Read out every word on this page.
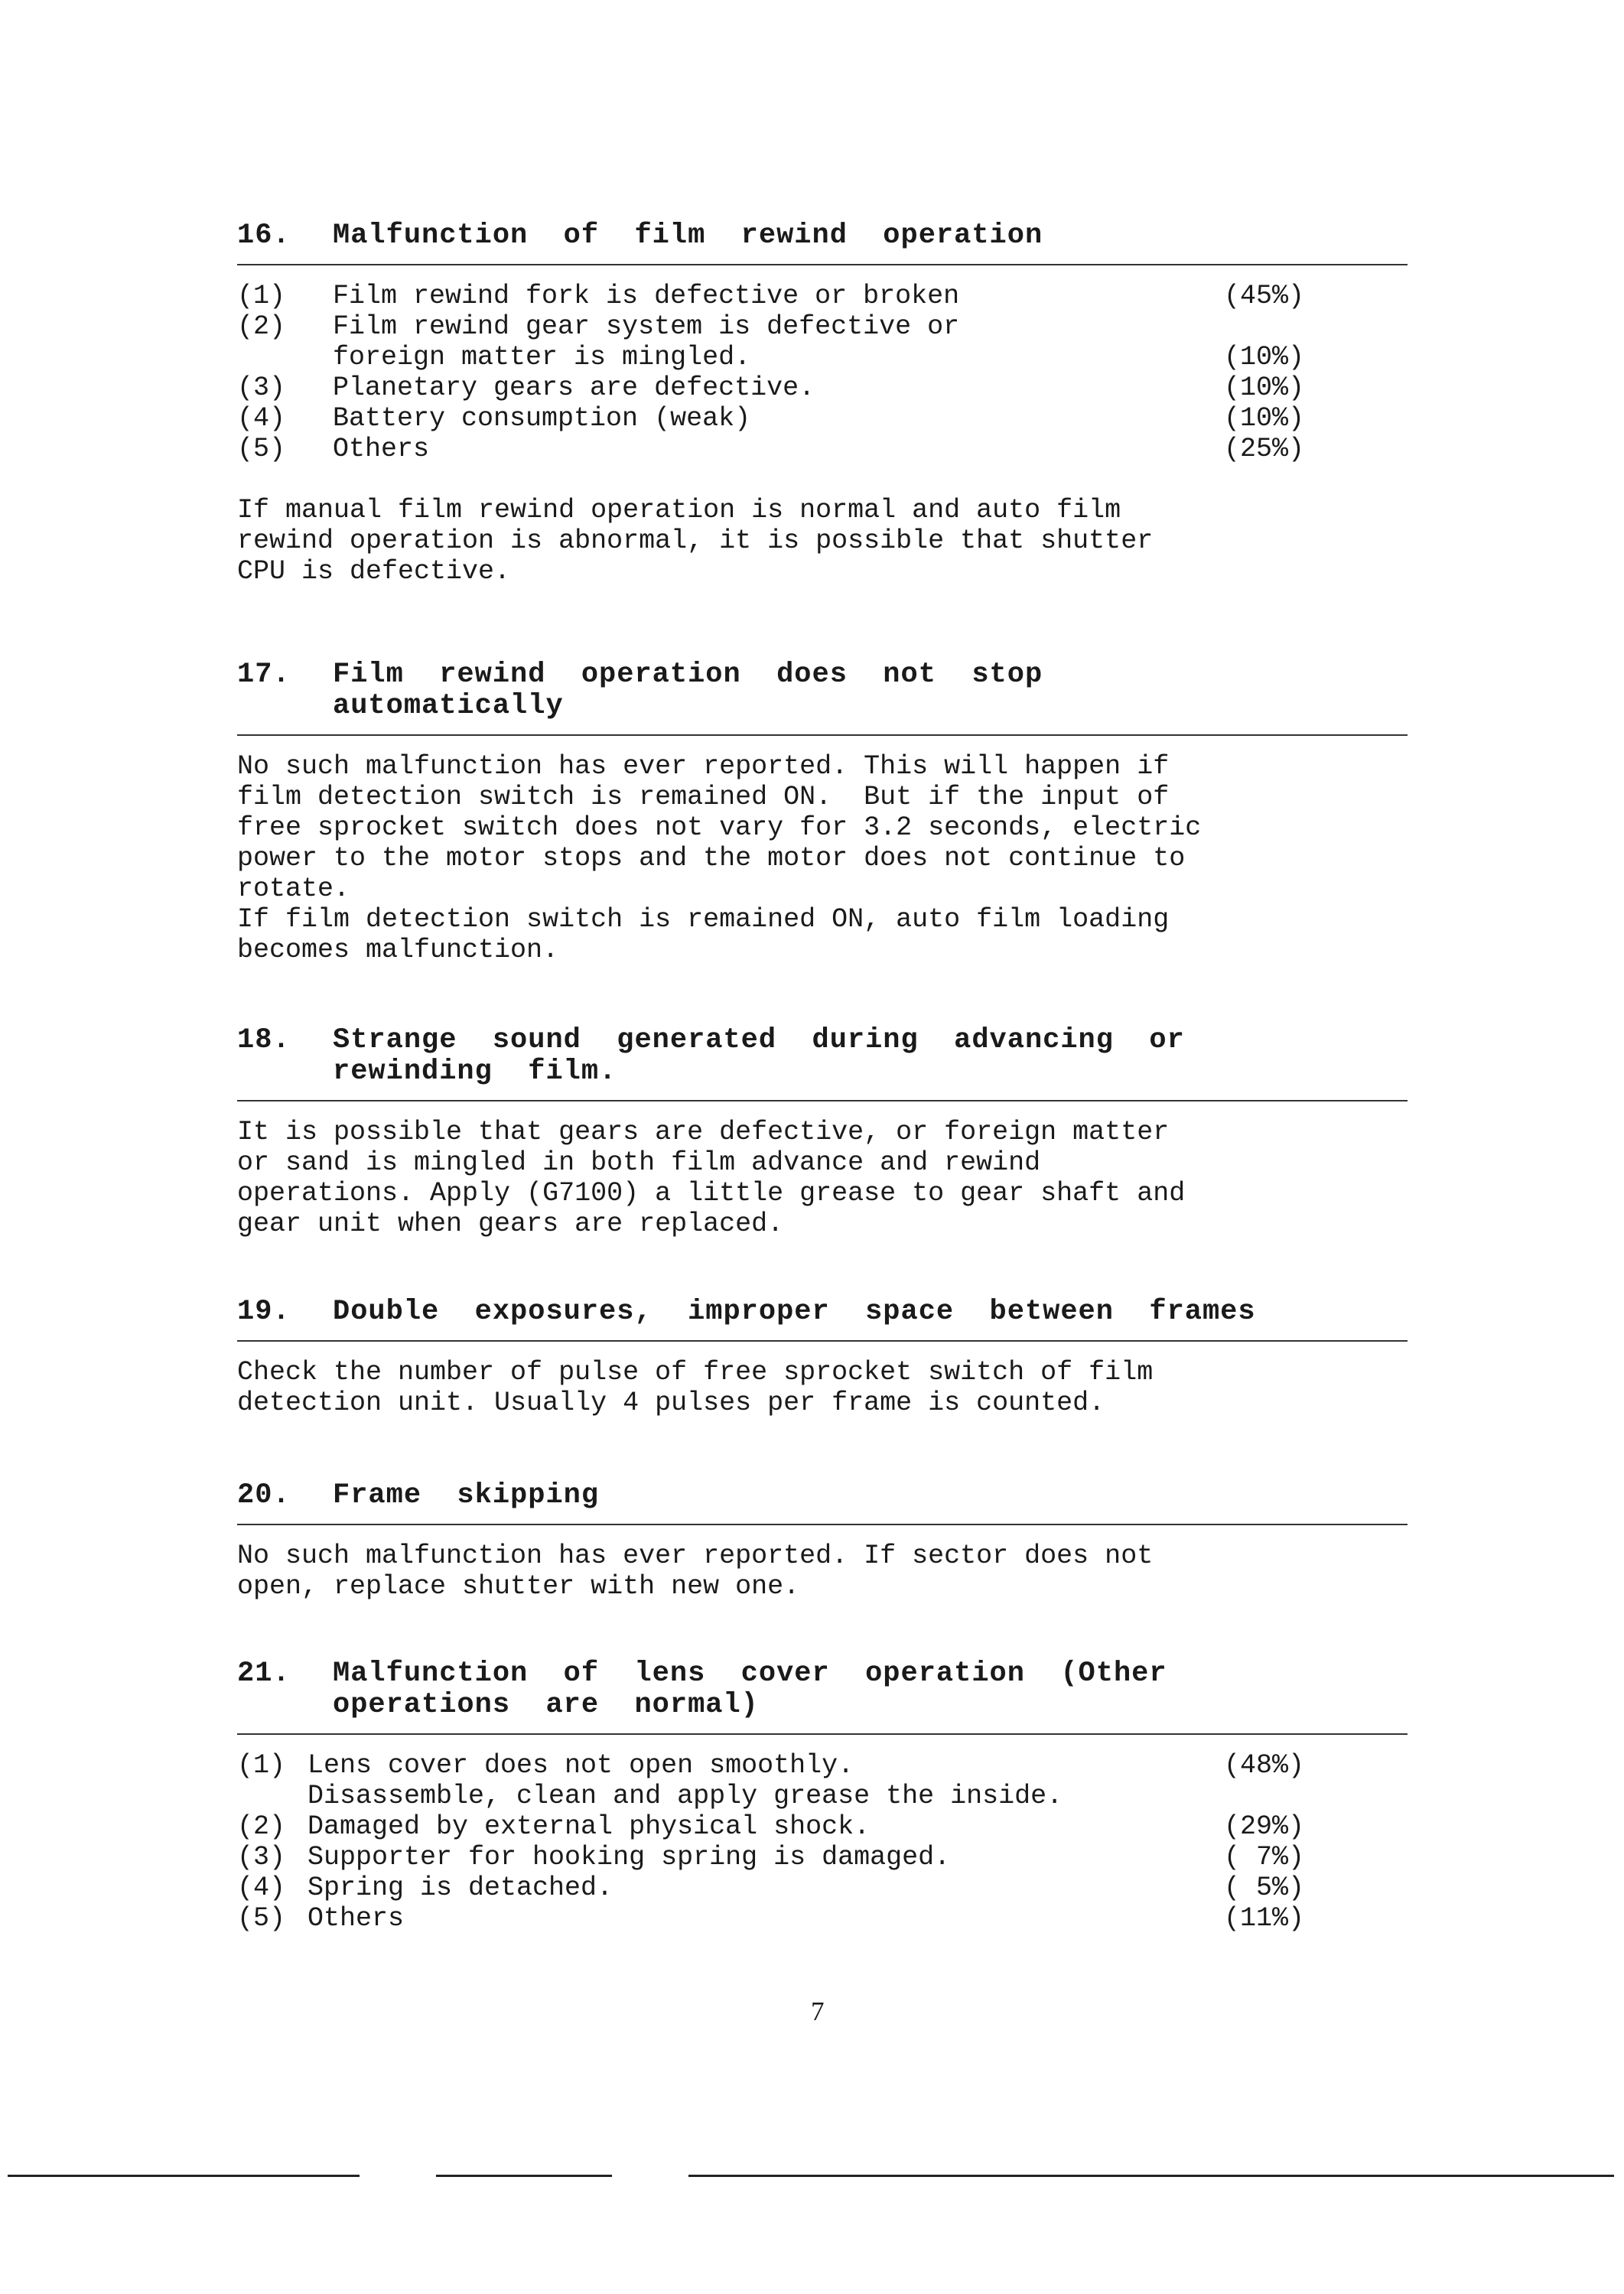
16. Malfunction  of  film  rewind  operation
(1) Film rewind fork is defective or broken	(45%)
(2) Film rewind gear system is defective or
foreign matter is mingled.	(10%)
(3) Planetary gears are defective.	(10%)
(4) Battery consumption (weak)	(10%)
(5) Others	(25%)

If manual film rewind operation is normal and auto film
rewind operation is abnormal, it is possible that shutter
CPU is defective.

17. Film  rewind  operation  does  not  stop
automatically

No such malfunction has ever reported. This will happen if
film detection switch is remained ON.  But if the input of
free sprocket switch does not vary for 3.2 seconds, electric
power to the motor stops and the motor does not continue to
rotate.
If film detection switch is remained ON, auto film loading
becomes malfunction.

18. Strange  sound  generated  during  advancing  or
rewinding  film.

It is possible that gears are defective, or foreign matter
or sand is mingled in both film advance and rewind
operations. Apply (G7100) a little grease to gear shaft and
gear unit when gears are replaced.

19. Double  exposures,  improper  space  between  frames

Check the number of pulse of free sprocket switch of film
detection unit. Usually 4 pulses per frame is counted.

20. Frame  skipping

No such malfunction has ever reported. If sector does not
open, replace shutter with new one.

21. Malfunction  of  lens  cover  operation  (Other
operations  are  normal)
(1) Lens cover does not open smoothly.	(48%)
Disassemble, clean and apply grease the inside.
(2) Damaged by external physical shock.	(29%)
(3) Supporter for hooking spring is damaged.	( 7%)
(4) Spring is detached.	( 5%)
(5) Others	(11%)
7
